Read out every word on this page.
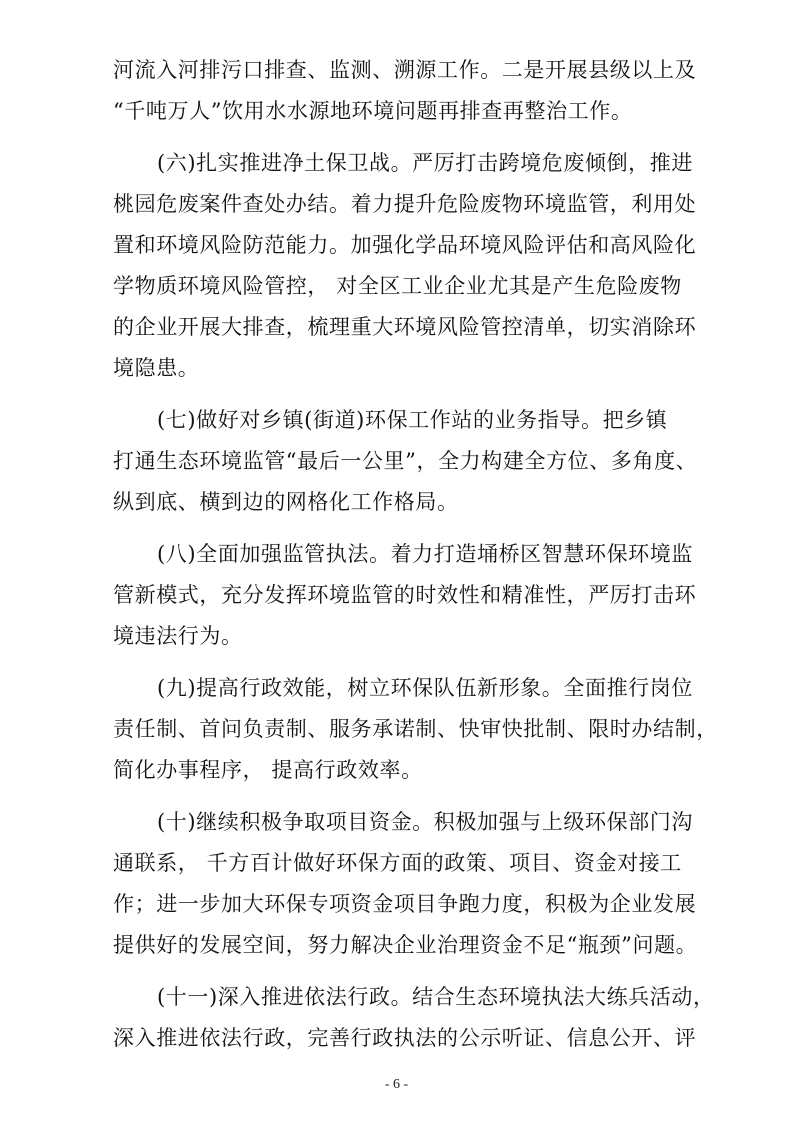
河流入河排污口排查、监测、溯源工作。二是开展县级以上及
“千吨万人”饮用水水源地环境问题再排查再整治工作。
(六)扎实推进净土保卫战。严厉打击跨境危废倾倒，推进
桃园危废案件查处办结。着力提升危险废物环境监管，利用处
置和环境风险防范能力。加强化学品环境风险评估和高风险化
学物质环境风险管控， 对全区工业企业尤其是产生危险废物
的企业开展大排查，梳理重大环境风险管控清单，切实消除环
境隐患。
(七)做好对乡镇(街道)环保工作站的业务指导。把乡镇
打通生态环境监管“最后一公里”，全力构建全方位、多角度、
纵到底、横到边的网格化工作格局。
(八)全面加强监管执法。着力打造埇桥区智慧环保环境监
管新模式，充分发挥环境监管的时效性和精准性，严厉打击环
境违法行为。
(九)提高行政效能，树立环保队伍新形象。全面推行岗位
责任制、首问负责制、服务承诺制、快审快批制、限时办结制，
简化办事程序， 提高行政效率。
(十)继续积极争取项目资金。积极加强与上级环保部门沟
通联系， 千方百计做好环保方面的政策、项目、资金对接工
作；进一步加大环保专项资金项目争跑力度，积极为企业发展
提供好的发展空间，努力解决企业治理资金不足“瓶颈”问题。
(十一)深入推进依法行政。结合生态环境执法大练兵活动，
深入推进依法行政，完善行政执法的公示听证、信息公开、评
- 6 -
